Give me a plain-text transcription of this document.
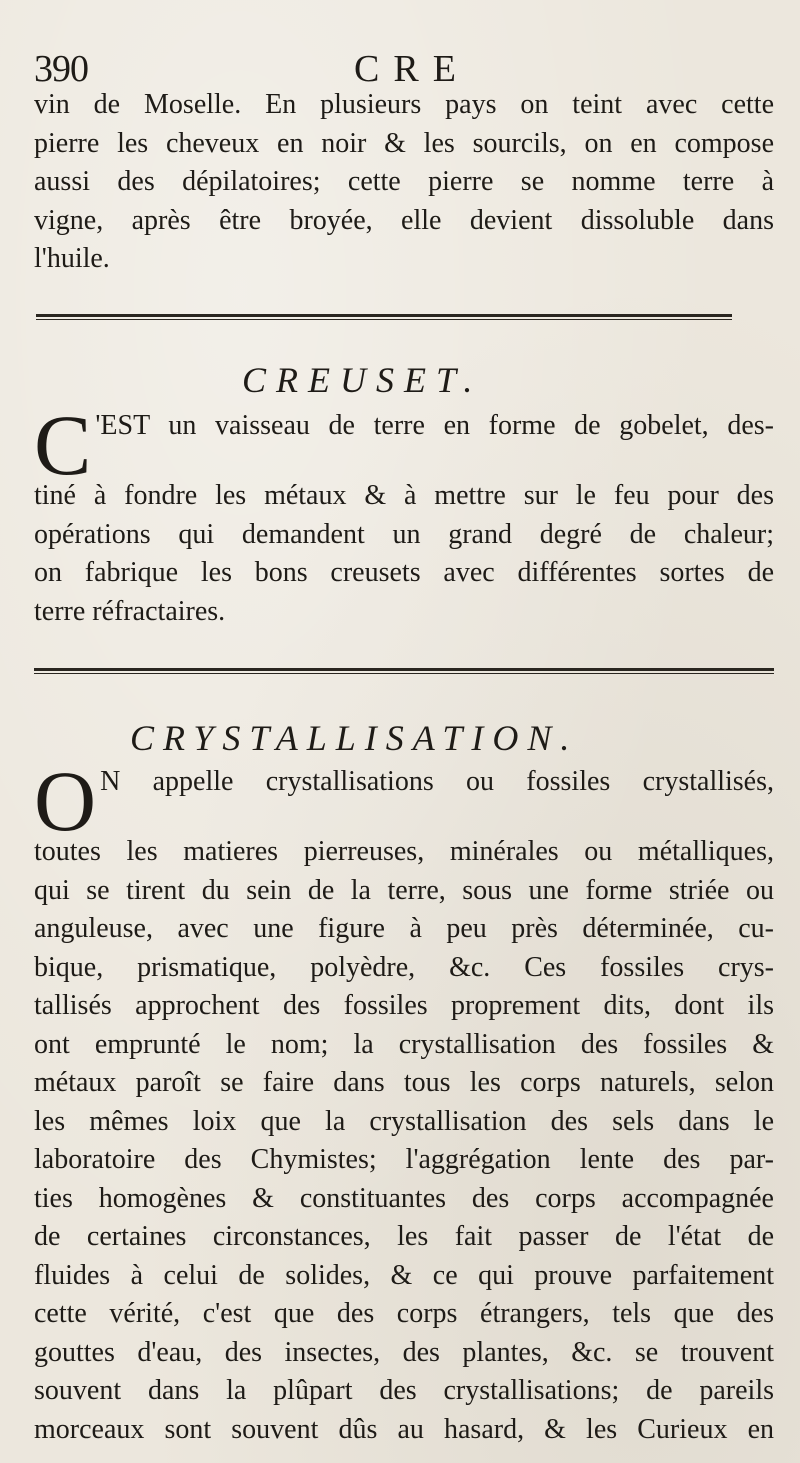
390	CRE
vin de Moselle. En plusieurs pays on teint avec cette
pierre les cheveux en noir & les sourcils, on en compose
aussi des dépilatoires; cette pierre se nomme terre à
vigne, après être broyée, elle devient dissoluble dans
l'huile.
CREUSET.
C 'EST un vaisseau de terre en forme de gobelet, des-
tiné à fondre les métaux & à mettre sur le feu pour des
opérations qui demandent un grand degré de chaleur;
on fabrique les bons creusets avec différentes sortes de
terre réfractaires.
CRYSTALLISATION.
O N appelle crystallisations ou fossiles crystallisés,
toutes les matieres pierreuses, minérales ou métalliques,
qui se tirent du sein de la terre, sous une forme striée ou
anguleuse, avec une figure à peu près déterminée, cu-
bique, prismatique, polyèdre, &c. Ces fossiles crys-
tallisés approchent des fossiles proprement dits, dont ils
ont emprunté le nom; la crystallisation des fossiles &
métaux paroît se faire dans tous les corps naturels, selon
les mêmes loix que la crystallisation des sels dans le
laboratoire des Chymistes; l'aggrégation lente des par-
ties homogènes & constituantes des corps accompagnée
de certaines circonstances, les fait passer de l'état de
fluides à celui de solides, & ce qui prouve parfaitement
cette vérité, c'est que des corps étrangers, tels que des
gouttes d'eau, des insectes, des plantes, &c. se trouvent
souvent dans la plûpart des crystallisations; de pareils
morceaux sont souvent dûs au hasard, & les Curieux en
